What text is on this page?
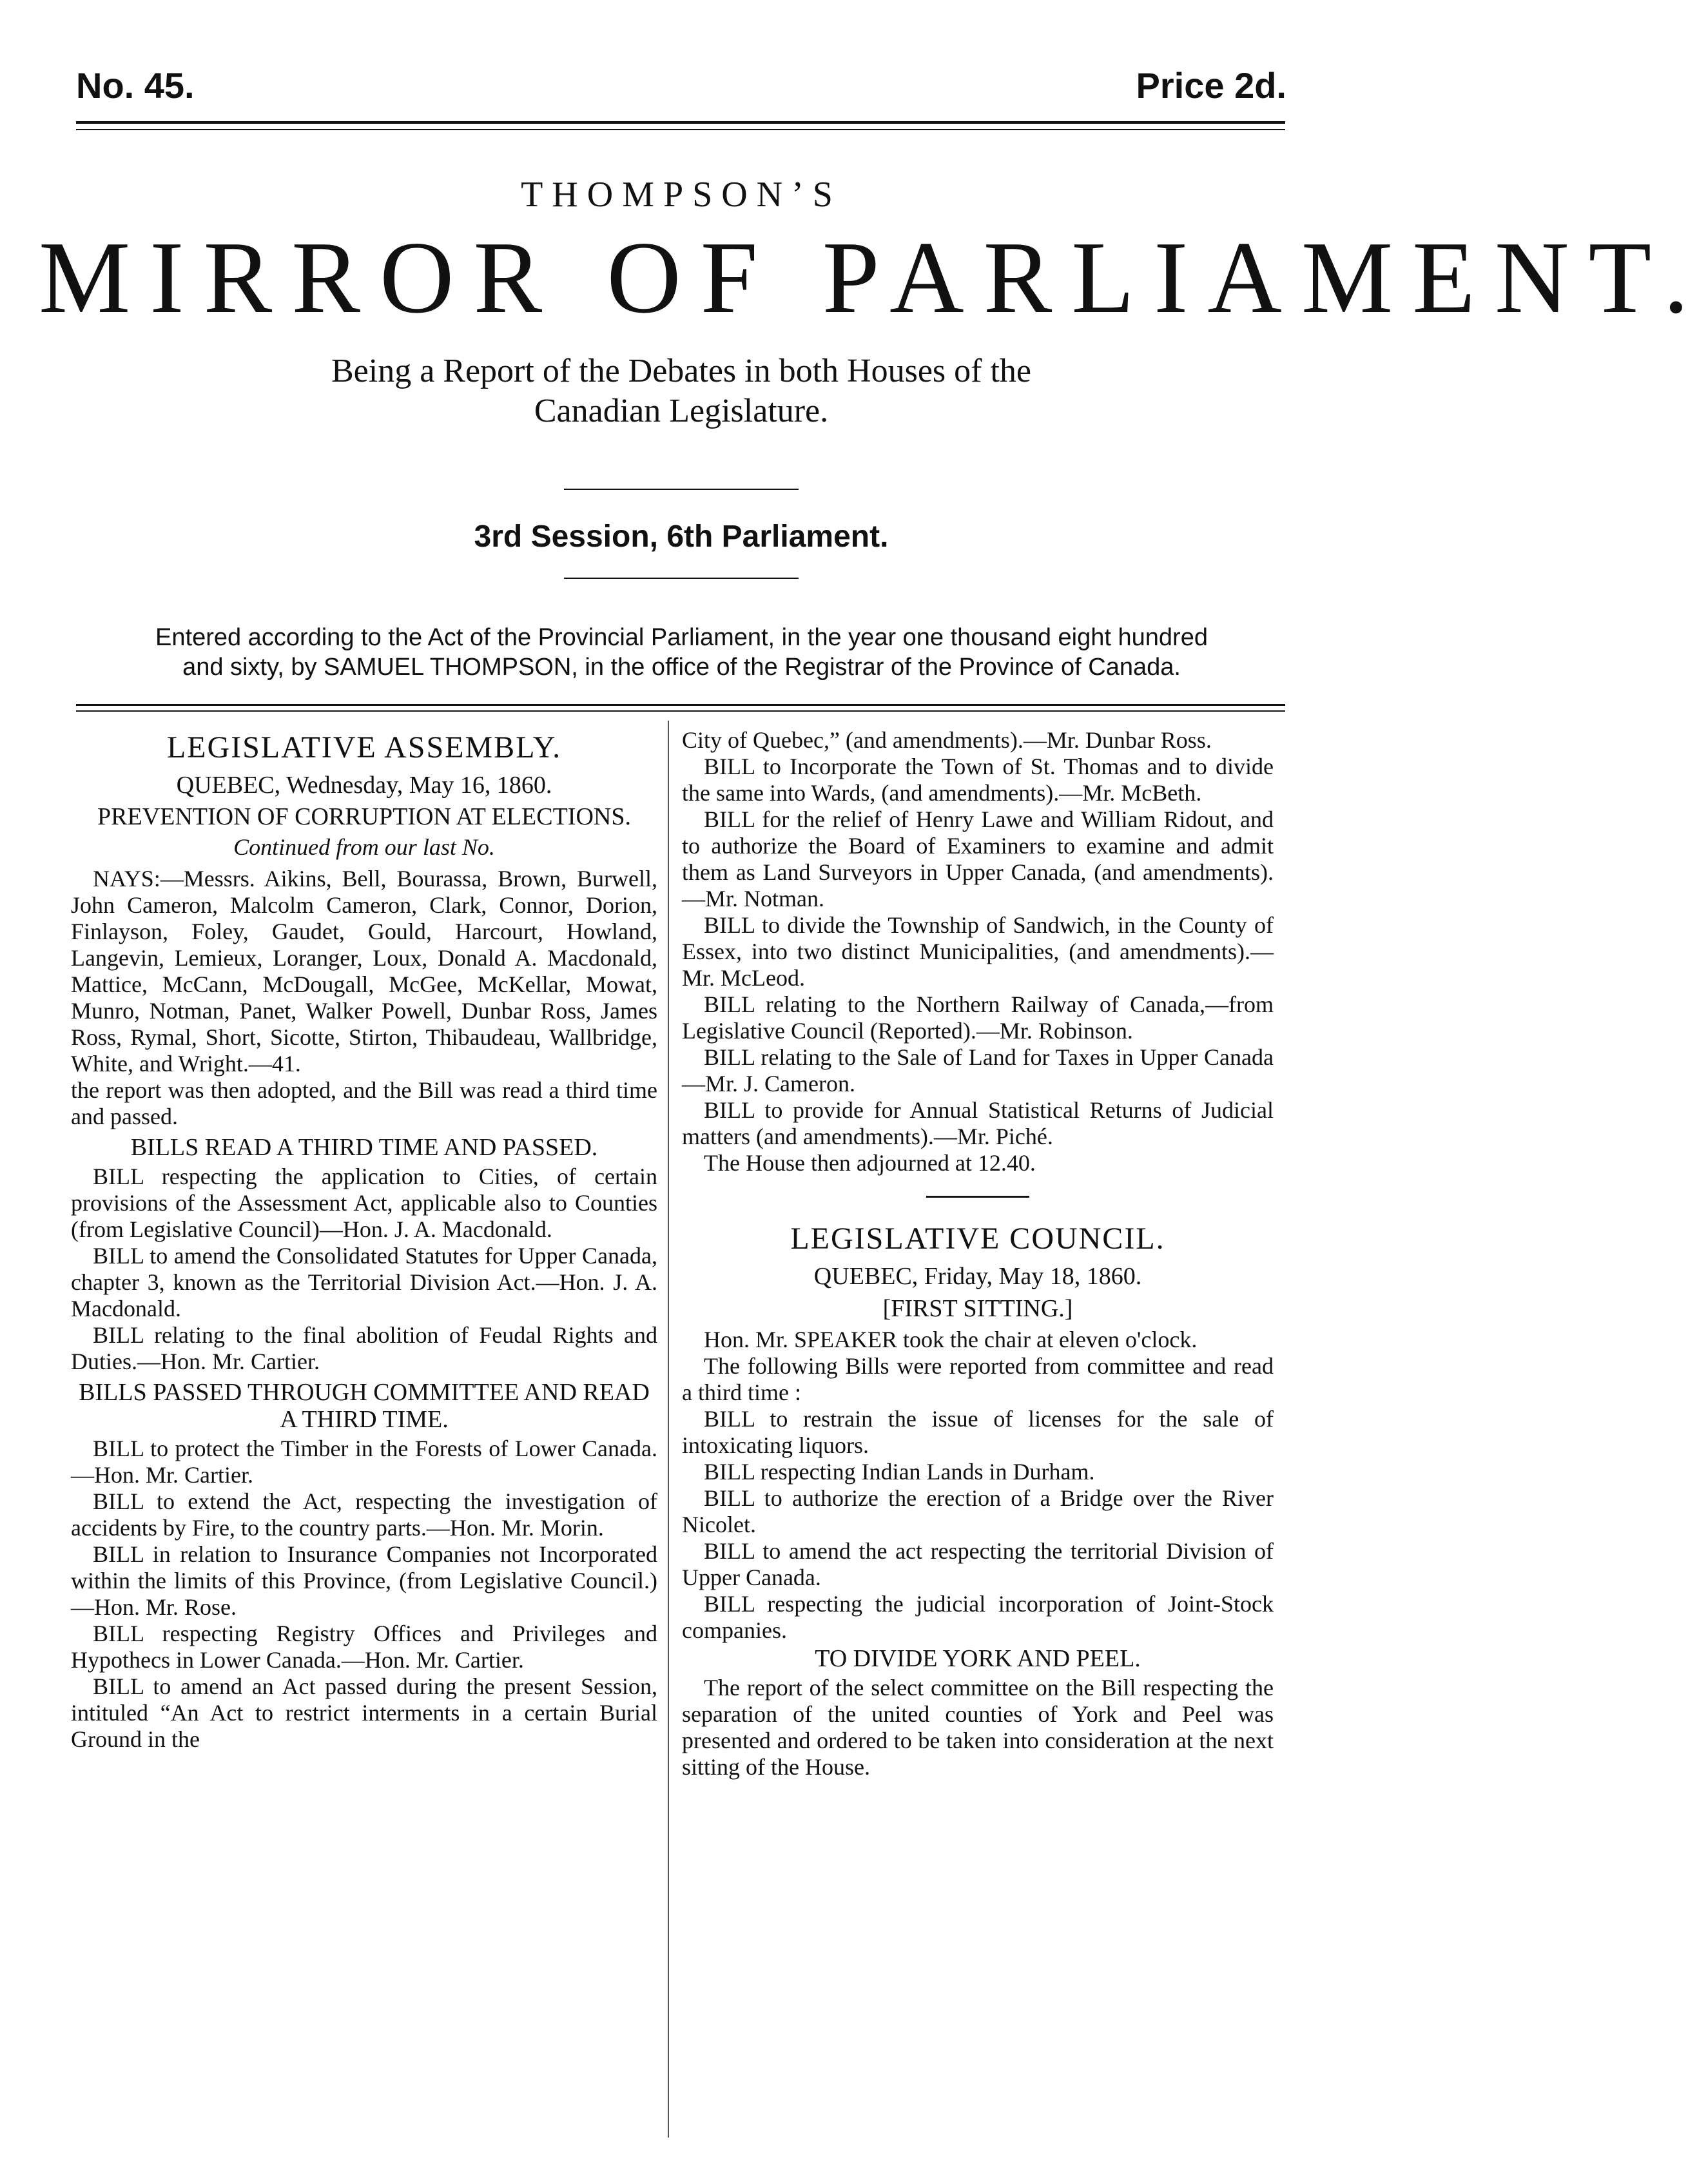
No. 45.	Price 2d.
THOMPSON’S
MIRROR OF PARLIAMENT.
Being a Report of the Debates in both Houses of the
Canadian Legislature.
3rd Session, 6th Parliament.
Entered according to the Act of the Provincial Parliament, in the year one thousand eight hundred
and sixty, by SAMUEL THOMPSON, in the office of the Registrar of the Province of Canada.

LEGISLATIVE ASSEMBLY.

QUEBEC, Wednesday, May 16, 1860.

PREVENTION OF CORRUPTION AT ELECTIONS.

Continued from our last No.

NAYS:—Messrs. Aikins, Bell, Bourassa, Brown, Burwell, John Cameron, Malcolm Cameron, Clark, Connor, Dorion, Finlayson, Foley, Gaudet, Gould, Harcourt, Howland, Langevin, Lemieux, Loranger, Loux, Donald A. Macdonald, Mattice, McCann, McDougall, McGee, McKellar, Mowat, Munro, Notman, Panet, Walker Powell, Dunbar Ross, James Ross, Rymal, Short, Sicotte, Stirton, Thibaudeau, Wallbridge, White, and Wright.—41.

the report was then adopted, and the Bill was read a third time and passed.

BILLS READ A THIRD TIME AND PASSED.

BILL respecting the application to Cities, of certain provisions of the Assessment Act, applicable also to Counties (from Legislative Council)—Hon. J. A. Macdonald.

BILL to amend the Consolidated Statutes for Upper Canada, chapter 3, known as the Territorial Division Act.—Hon. J. A. Macdonald.

BILL relating to the final abolition of Feudal Rights and Duties.—Hon. Mr. Cartier.

BILLS PASSED THROUGH COMMITTEE AND READ A THIRD TIME.

BILL to protect the Timber in the Forests of Lower Canada.—Hon. Mr. Cartier.

BILL to extend the Act, respecting the investigation of accidents by Fire, to the country parts.—Hon. Mr. Morin.

BILL in relation to Insurance Companies not Incorporated within the limits of this Province, (from Legislative Council.)—Hon. Mr. Rose.

BILL respecting Registry Offices and Privileges and Hypothecs in Lower Canada.—Hon. Mr. Cartier.

BILL to amend an Act passed during the present Session, intituled “An Act to restrict interments in a certain Burial Ground in the

City of Quebec,” (and amendments).—Mr. Dunbar Ross.

BILL to Incorporate the Town of St. Thomas and to divide the same into Wards, (and amendments).—Mr. McBeth.

BILL for the relief of Henry Lawe and William Ridout, and to authorize the Board of Examiners to examine and admit them as Land Surveyors in Upper Canada, (and amendments).—Mr. Notman.

BILL to divide the Township of Sandwich, in the County of Essex, into two distinct Municipalities, (and amendments).—Mr. McLeod.

BILL relating to the Northern Railway of Canada,—from Legislative Council (Reported).—Mr. Robinson.

BILL relating to the Sale of Land for Taxes in Upper Canada—Mr. J. Cameron.

BILL to provide for Annual Statistical Returns of Judicial matters (and amendments).—Mr. Piché.

The House then adjourned at 12.40.

LEGISLATIVE COUNCIL.

QUEBEC, Friday, May 18, 1860.

[FIRST SITTING.]

Hon. Mr. SPEAKER took the chair at eleven o'clock.

The following Bills were reported from committee and read a third time :

BILL to restrain the issue of licenses for the sale of intoxicating liquors.

BILL respecting Indian Lands in Durham.

BILL to authorize the erection of a Bridge over the River Nicolet.

BILL to amend the act respecting the territorial Division of Upper Canada.

BILL respecting the judicial incorporation of Joint-Stock companies.

TO DIVIDE YORK AND PEEL.

The report of the select committee on the Bill respecting the separation of the united counties of York and Peel was presented and ordered to be taken into consideration at the next sitting of the House.
